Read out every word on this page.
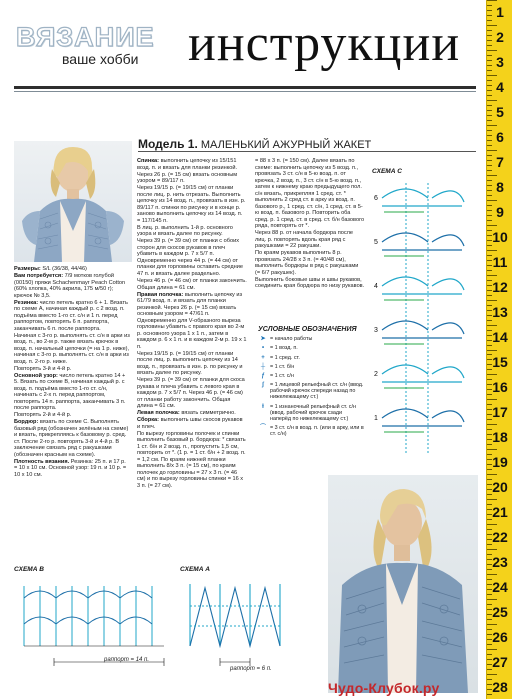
ВЯЗАНИЕ
ваше хобби инструкции
1
2
3
4
5
6
7
8
9
10
11
12
13
14
15
16
17
18
19
20
21
22
23
24
25
26
27
28
Модель 1. МАЛЕНЬКИЙ АЖУРНЫЙ ЖАКЕТ

Размеры: S/L (36/38, 44/46)

Вам потребуется: 7/9 мотков голубой (00150) пряжи Schachenmayr Peach Cotton (60% хлопка, 40% акрила, 175 м/50 г); крючок № 3,5.

Резинка: число петель кратно 6 + 1. Вязать по схеме А, начиная каждый р. с 2 возд. п. подъёма вместо 1-го ст. с/н и 1 п. перед раппортом, повторять 6 п. раппорта, заканчивать 6 п. после раппорта.

Начиная с 3-го р. выполнять ст. с/н в арки из возд. п., во 2-м р. также вязать крючок в возд. п. начальный цепочки (= на 1 р. ниже), начиная с 3-го р. выполнять ст. с/н в арки из возд. п. 2-го р. ниже.

Повторять 3-й и 4-й р.

Основной узор: число петель кратно 14 + 5. Вязать по схеме В, начиная каждый р. с возд. п. подъёма вместо 1-го ст. с/н, начинать с 2-х п. перед раппортом, повторять 14 п. раппорта, заканчивать 3 п. после раппорта.

Повторять 2-й и 4-й р.

Бордюр: вязать по схеме С. Выполнять базовый ряд (обозначен зелёным на схеме) и вязать, прикрепляясь к базовому р. сред. ст. После 2-го р. повторять 3-й и 4-й р. В заключение связать ряд с ракушками (обозначен красным на схеме).

Плотность вязания. Резинка: 25 п. и 17 р. = 10 х 10 см. Основной узор: 19 п. и 10 р. = 10 х 10 см.

Спинка: выполнить цепочку из 15/151 возд. п. и вязать для планки резинкой.

Через 26 р. (= 15 см) вязать основным узором = 89/117 п.

Через 19/15 р. (= 19/15 см) от планки после лиц. р. нить отрезать. Выполнить цепочку из 14 возд. п., провязать в изн. р. 89/117 п. спинки по рисунку и в конце р. заново выполнить цепочку из 14 возд. п. = 117/145 п.

В лиц. р. выполнить 1-й р. основного узора и вязать далее по рисунку.

Через 39 р. (= 39 см) от планки с обоих сторон для скосов рукавов в плеч убавить в каждом р. 7 х 5/7 п. Одновременно через 44 р. (= 44 см) от планки для горловины оставить средние 47 п. и вязать далее раздельно.

Через 46 р. (= 46 см) от планки закончить.

Общая длина = 61 см.

Правая полочка: выполнить цепочку из 61/79 возд. п. и вязать для планки резинкой. Через 26 р. (= 15 см) вязать основным узором = 47/61 п. Одновременно для V-образного выреза горловины убавить с правого края во 2-м р. основного узора 1 х 1 п., затем в каждом р. 6 х 1 п. и в каждом 2-м р. 19 х 1 п.

Через 19/15 р. (= 19/15 см) от планки после лиц. р. выполнить цепочку из 14 возд. п., провязать в изн. р. по рисунку и вязать далее по рисунку.

Через 39 р. (= 39 см) от планки для скоса рукава и плеча убавить с левого края в каждом р. 7 х 5/7 п. Через 46 р. (= 46 см) от планки работу закончить. Общая длина = 61 см.

Левая полочка: вязать симметрично.

Сборка: выполнить швы скосов рукавов и плеч.

По вырезу горловины полочек и спинки выполнить базовый р. бордюра: * связать 1 ст. б/н и 2 возд. п., пропустить 1,5 см, повторить от *. (1 р. = 1 ст. б/н + 2 возд. п. = 1,2 см. По краям нижней планки выполнить 8/х 3 п. (= 15 см), по краям полочек до горловины = 27 х 3 п. (= 46 см) и по вырезу горловины спинки = 16 х 3 п. (= 27 см).

= 88 х 3 п. (= 150 см). Далее вязать по схеме: выполнить цепочку из 5 возд. п., провязать 3 ст. с/н в 5-ю возд. п. от крючка, 2 возд. п., 3 ст. с/н в 5-ю возд. п., затем к нижнему краю предыдущего пол. с/н вязать, прикрепляя 1 сред. ст. * выполнить 2 сред ст. в арку из возд. п. базового р., 1 сред. ст. с/н, 1 сред. ст. в 5-ю возд. п. базового р. Повторить оба сред. р. 1 сред. ст. в сред. ст. б/н базового ряда, повторять от *.

Через 88 р. от начала бордюра после лиц. р. повторять вдоль края ряд с ракушками = 22 ракушки.

По краям рукавов выполнить 8 р. провязать 24/28 х 3 п. (= 40/48 см), выполнить бордюры в ряд с ракушками (= 6/7 ракушек).

Выполнить боковые швы и швы рукавов, соединить края бордюра по низу рукавов.

УСЛОВНЫЕ ОБОЗНАЧЕНИЯ
➤ = начало работы
•	= 1 возд. п.
+ = 1 сред. ст.
┼ = 1 ст. б/н
ƒ = 1 ст. с/н
∫	= 1 лицевой рельефный ст. с/н (ввод. рабочий крючок спереди назад по нижележащему ст.)
Ɨ	= 1 изнаночный рельефный ст. с/н (ввод. рабочий крючок сзади наперёд по нижележащему ст.)
⌒ = 3 ст. с/н в возд. п. (или в арку, или в ст. с/н)
СХЕМА С
6
5
4
3
2
1
СХЕМА В
раппорт = 14 п.
СХЕМА А
раппорт = 6 п.
Чудо-Клубок.ру
